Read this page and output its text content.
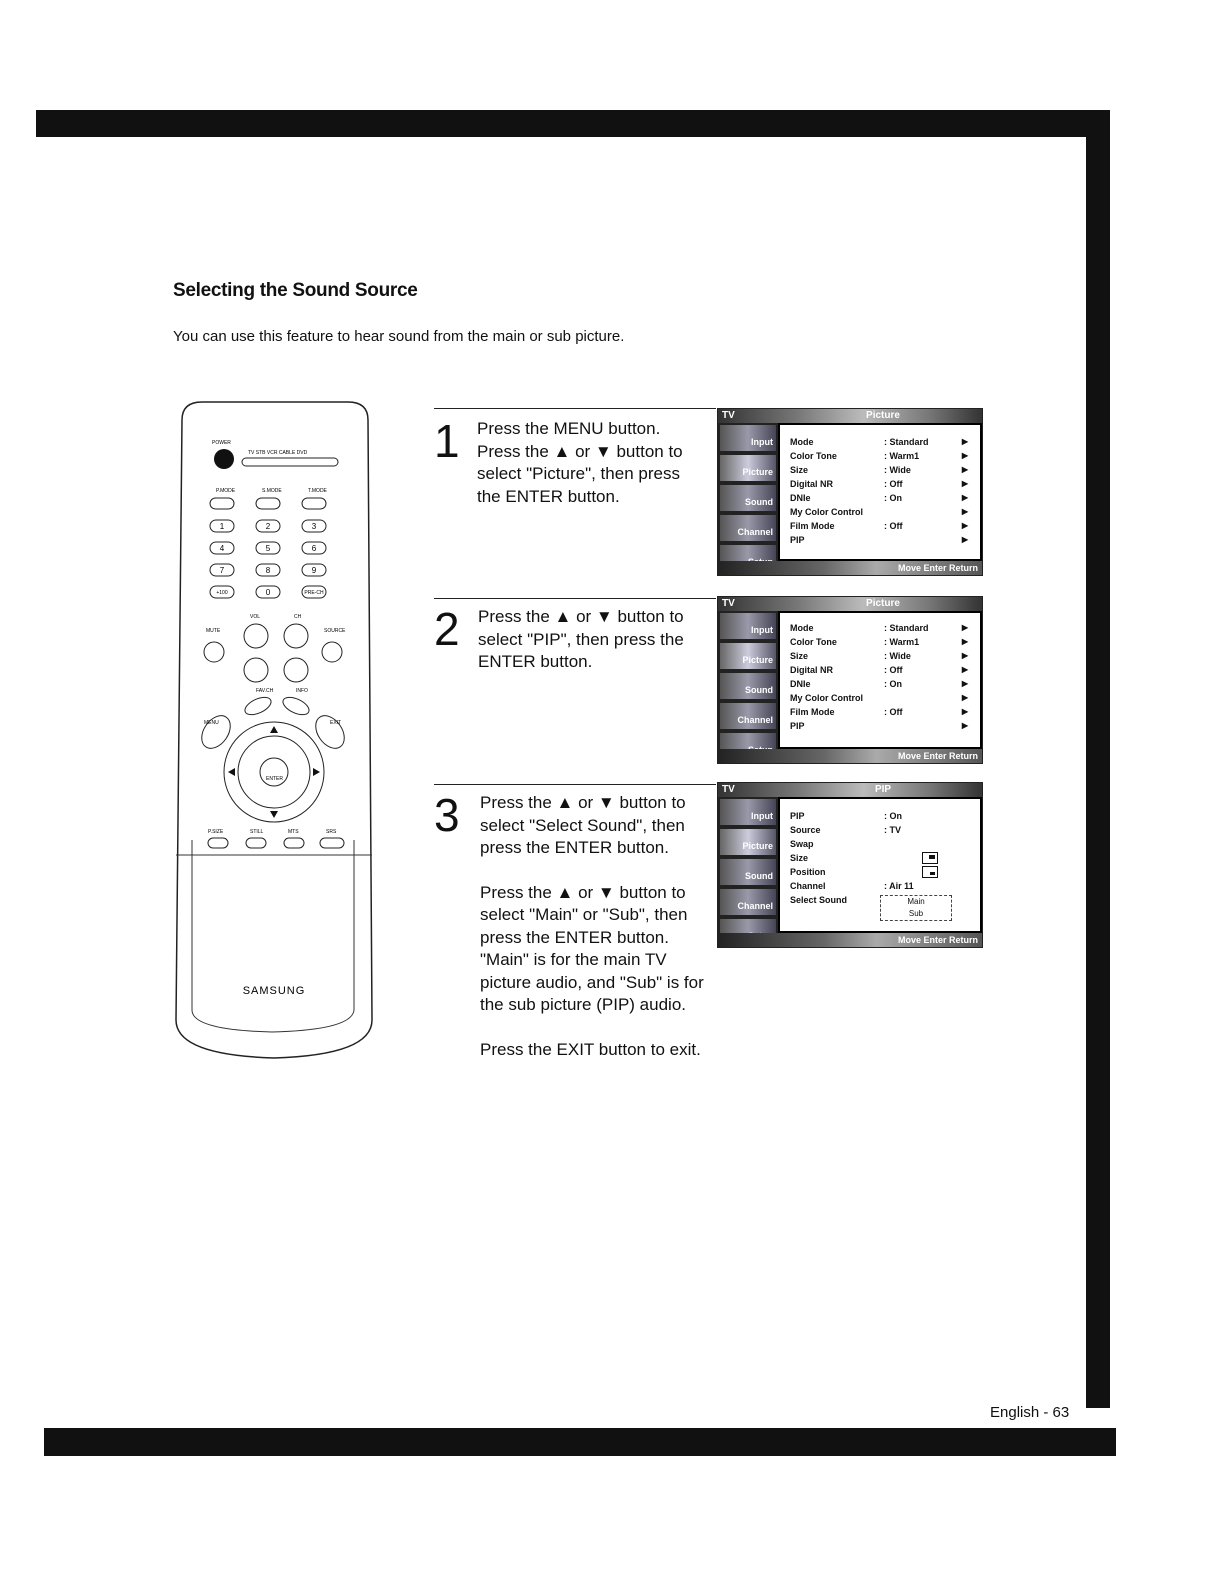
Selecting the Sound Source
You can use this feature to hear sound from the main or sub picture.
POWER
TV STB VCR CABLE DVD
P.MODE	S.MODE	T.MODE
1	2	3
4	5	6
7	8	9
0
+100	PRE-CH
VOL	CH
MUTE	SOURCE
FAV.CH	INFO
MENU	EXIT
ENTER
P.SIZE	STILL	MTS	SRS
SAMSUNG
1 Press the MENU button. Press the ▲ or ▼ button to select "Picture", then press the ENTER button.

2 Press the ▲ or ▼ button to select "PIP", then press the ENTER button.

3 Press the ▲ or ▼ button to select "Select Sound", then press the ENTER button.

Press the ▲ or ▼ button to select "Main" or "Sub", then press the ENTER button. "Main" is for the main TV picture audio, and "Sub" is for the sub picture (PIP) audio.

Press the EXIT button to exit.

TV	Picture
Input
Picture
Sound
Channel
Mode	: Standard	▶
Color Tone	: Warm1	▶
Size	: Wide	▶
Digital NR	: Off	▶
DNIe	: On	▶
My Color Control	▶
Film Mode	: Off	▶
PIP	▶
Move Enter Return
TV	Picture
Input
Picture
Sound
Channel
Mode	: Standard	▶
Color Tone	: Warm1	▶
Size	: Wide	▶
Digital NR	: Off	▶
DNIe	: On	▶
My Color Control	▶
Film Mode	: Off	▶
PIP	▶
Move Enter Return
TV	PIP
Input
Picture
Sound
Channel
PIP	: On
Source	: TV
Swap
Size
Position
Channel	: Air 11
Select Sound	Main
Sub
Move Enter Return
English - 63
